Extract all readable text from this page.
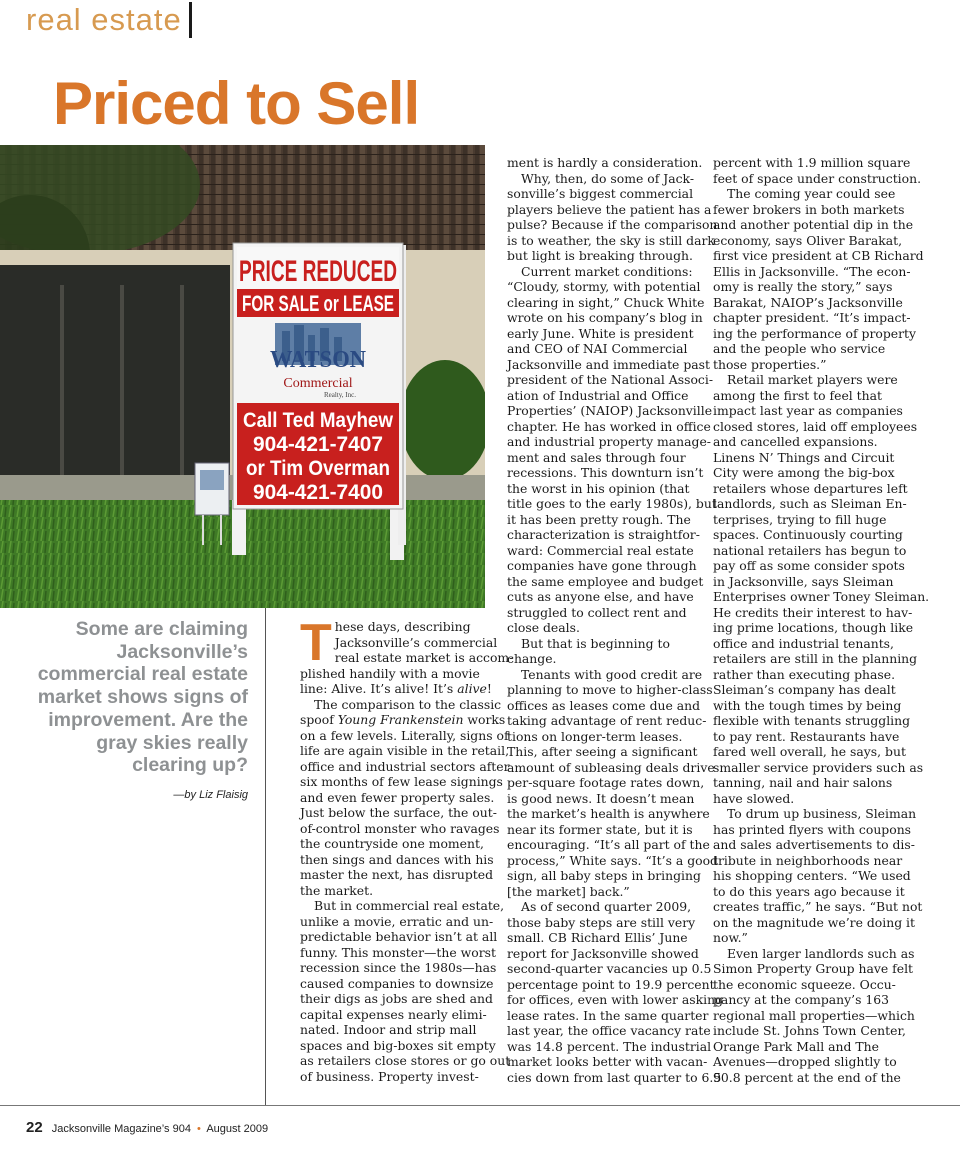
real estate
Priced to Sell
PRICE REDUCED
FOR SALE or LEASE
WATSON
Commercial
Realty, Inc.
Call Ted Mayhew
904-421-7407
or Tim Overman
904-421-7400
Some are claiming Jacksonville’s commercial real estate market shows signs of improvement. Are the gray skies really clearing up?
—by Liz Flaisig
T hese days, describing
Jacksonville’s commercial
real estate market is accom-
plished handily with a movie
line: Alive. It’s alive! It’s alive!
The comparison to the classic
spoof Young Frankenstein works
on a few levels. Literally, signs of
life are again visible in the retail,
office and industrial sectors after
six months of few lease signings
and even fewer property sales.
Just below the surface, the out-
of-control monster who ravages
the countryside one moment,
then sings and dances with his
master the next, has disrupted
the market.
But in commercial real estate,
unlike a movie, erratic and un-
predictable behavior isn’t at all
funny. This monster—the worst
recession since the 1980s—has
caused companies to downsize
their digs as jobs are shed and
capital expenses nearly elimi-
nated. Indoor and strip mall
spaces and big-boxes sit empty
as retailers close stores or go out
of business. Property invest-
ment is hardly a consideration.
Why, then, do some of Jack-
sonville’s biggest commercial
players believe the patient has a
pulse? Because if the comparison
is to weather, the sky is still dark
but light is breaking through.
Current market conditions:
“Cloudy, stormy, with potential
clearing in sight,” Chuck White
wrote on his company’s blog in
early June. White is president
and CEO of NAI Commercial
Jacksonville and immediate past
president of the National Associ-
ation of Industrial and Office
Properties’ (NAIOP) Jacksonville
chapter. He has worked in office
and industrial property manage-
ment and sales through four
recessions. This downturn isn’t
the worst in his opinion (that
title goes to the early 1980s), but
it has been pretty rough. The
characterization is straightfor-
ward: Commercial real estate
companies have gone through
the same employee and budget
cuts as anyone else, and have
struggled to collect rent and
close deals.
But that is beginning to
change.
Tenants with good credit are
planning to move to higher-class
offices as leases come due and
taking advantage of rent reduc-
tions on longer-term leases.
This, after seeing a significant
amount of subleasing deals drive
per-square footage rates down,
is good news. It doesn’t mean
the market’s health is anywhere
near its former state, but it is
encouraging. “It’s all part of the
process,” White says. “It’s a good
sign, all baby steps in bringing
[the market] back.”
As of second quarter 2009,
those baby steps are still very
small. CB Richard Ellis’ June
report for Jacksonville showed
second-quarter vacancies up 0.5
percentage point to 19.9 percent
for offices, even with lower asking
lease rates. In the same quarter
last year, the office vacancy rate
was 14.8 percent. The industrial
market looks better with vacan-
cies down from last quarter to 6.5
percent with 1.9 million square
feet of space under construction.
The coming year could see
fewer brokers in both markets
and another potential dip in the
economy, says Oliver Barakat,
first vice president at CB Richard
Ellis in Jacksonville. “The econ-
omy is really the story,” says
Barakat, NAIOP’s Jacksonville
chapter president. “It’s impact-
ing the performance of property
and the people who service
those properties.”
Retail market players were
among the first to feel that
impact last year as companies
closed stores, laid off employees
and cancelled expansions.
Linens N’ Things and Circuit
City were among the big-box
retailers whose departures left
landlords, such as Sleiman En-
terprises, trying to fill huge
spaces. Continuously courting
national retailers has begun to
pay off as some consider spots
in Jacksonville, says Sleiman
Enterprises owner Toney Sleiman.
He credits their interest to hav-
ing prime locations, though like
office and industrial tenants,
retailers are still in the planning
rather than executing phase.
Sleiman’s company has dealt
with the tough times by being
flexible with tenants struggling
to pay rent. Restaurants have
fared well overall, he says, but
smaller service providers such as
tanning, nail and hair salons
have slowed.
To drum up business, Sleiman
has printed flyers with coupons
and sales advertisements to dis-
tribute in neighborhoods near
his shopping centers. “We used
to do this years ago because it
creates traffic,” he says. “But not
on the magnitude we’re doing it
now.”
Even larger landlords such as
Simon Property Group have felt
the economic squeeze. Occu-
pancy at the company’s 163
regional mall properties—which
include St. Johns Town Center,
Orange Park Mall and The
Avenues—dropped slightly to
90.8 percent at the end of the
22 Jacksonville Magazine’s 904 • August 2009
